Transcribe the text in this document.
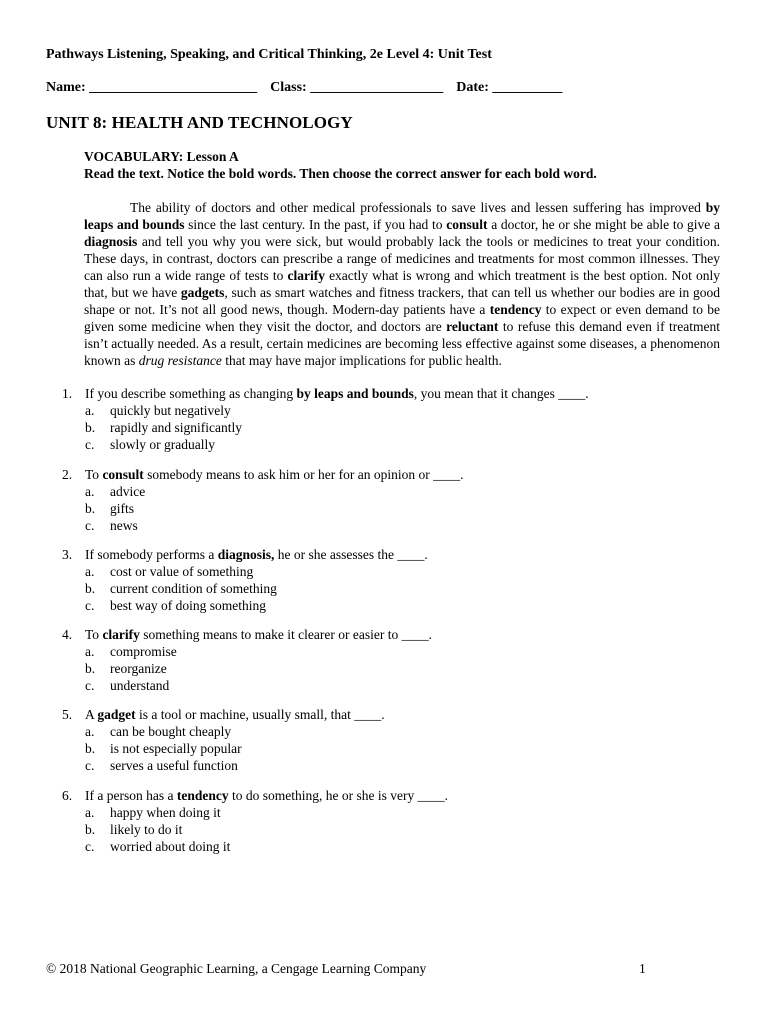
Pathways Listening, Speaking, and Critical Thinking, 2e Level 4: Unit Test
Name: ________________________ Class: ___________________ Date: __________
UNIT 8: HEALTH AND TECHNOLOGY
VOCABULARY: Lesson A
Read the text. Notice the bold words. Then choose the correct answer for each bold word.

The ability of doctors and other medical professionals to save lives and lessen suffering has improved by leaps and bounds since the last century. In the past, if you had to consult a doctor, he or she might be able to give a diagnosis and tell you why you were sick, but would probably lack the tools or medicines to treat your condition. These days, in contrast, doctors can prescribe a range of medicines and treatments for most common illnesses. They can also run a wide range of tests to clarify exactly what is wrong and which treatment is the best option. Not only that, but we have gadgets, such as smart watches and fitness trackers, that can tell us whether our bodies are in good shape or not. It’s not all good news, though. Modern-day patients have a tendency to expect or even demand to be given some medicine when they visit the doctor, and doctors are reluctant to refuse this demand even if treatment isn’t actually needed. As a result, certain medicines are becoming less effective against some diseases, a phenomenon known as drug resistance that may have major implications for public health.

1. If you describe something as changing by leaps and bounds, you mean that it changes ____.
a. quickly but negatively
b. rapidly and significantly
c. slowly or gradually
2. To consult somebody means to ask him or her for an opinion or ____.
a. advice
b. gifts
c. news
3. If somebody performs a diagnosis, he or she assesses the ____.
a. cost or value of something
b. current condition of something
c. best way of doing something
4. To clarify something means to make it clearer or easier to ____.
a. compromise
b. reorganize
c. understand
5. A gadget is a tool or machine, usually small, that ____.
a. can be bought cheaply
b. is not especially popular
c. serves a useful function
6. If a person has a tendency to do something, he or she is very ____.
a. happy when doing it
b. likely to do it
c. worried about doing it
© 2018 National Geographic Learning, a Cengage Learning Company	1
